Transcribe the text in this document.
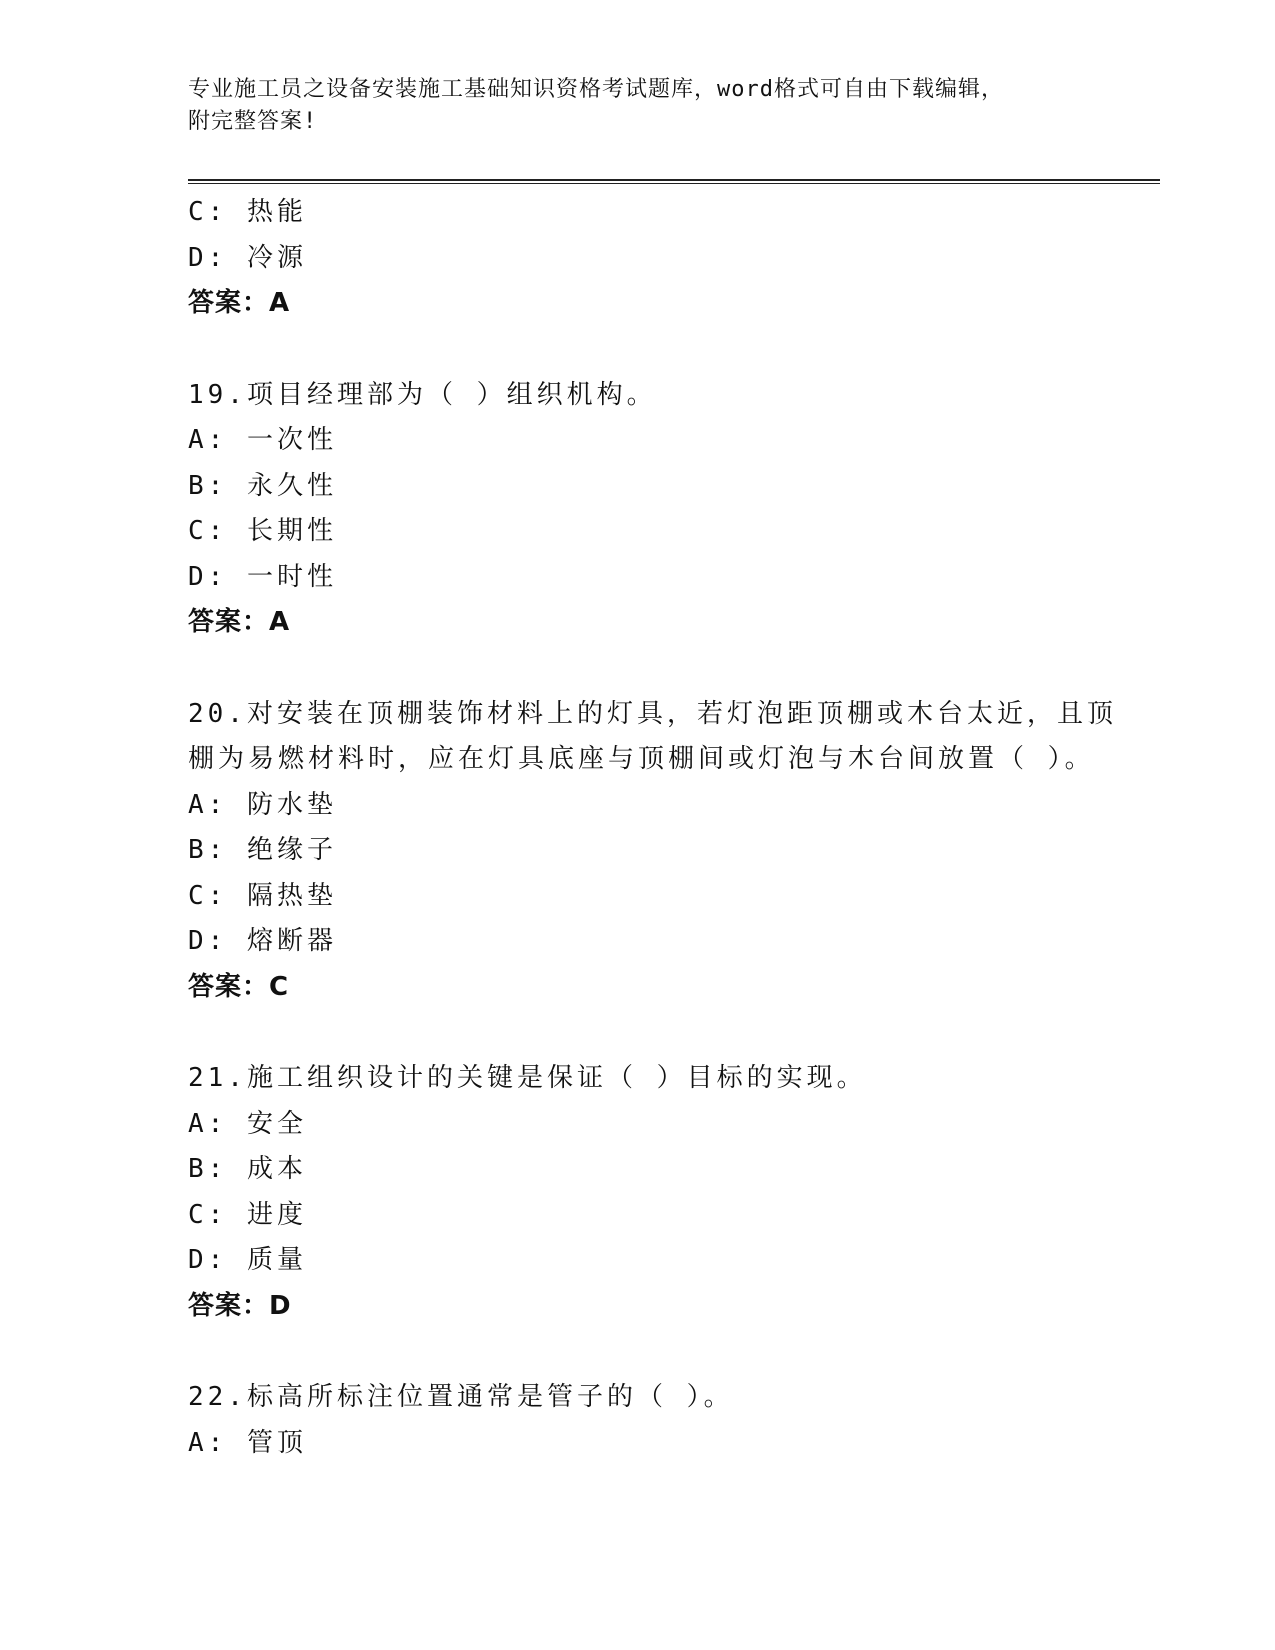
专业施工员之设备安装施工基础知识资格考试题库，word格式可自由下载编辑，
附完整答案!
C: 热能
D: 冷源
答案：A
19.项目经理部为（ ）组织机构。
A: 一次性
B: 永久性
C: 长期性
D: 一时性
答案：A
20.对安装在顶棚装饰材料上的灯具，若灯泡距顶棚或木台太近，且顶
棚为易燃材料时，应在灯具底座与顶棚间或灯泡与木台间放置（ ）。
A: 防水垫
B: 绝缘子
C: 隔热垫
D: 熔断器
答案：C
21.施工组织设计的关键是保证（ ）目标的实现。
A: 安全
B: 成本
C: 进度
D: 质量
答案：D
22.标高所标注位置通常是管子的（ ）。
A: 管顶
